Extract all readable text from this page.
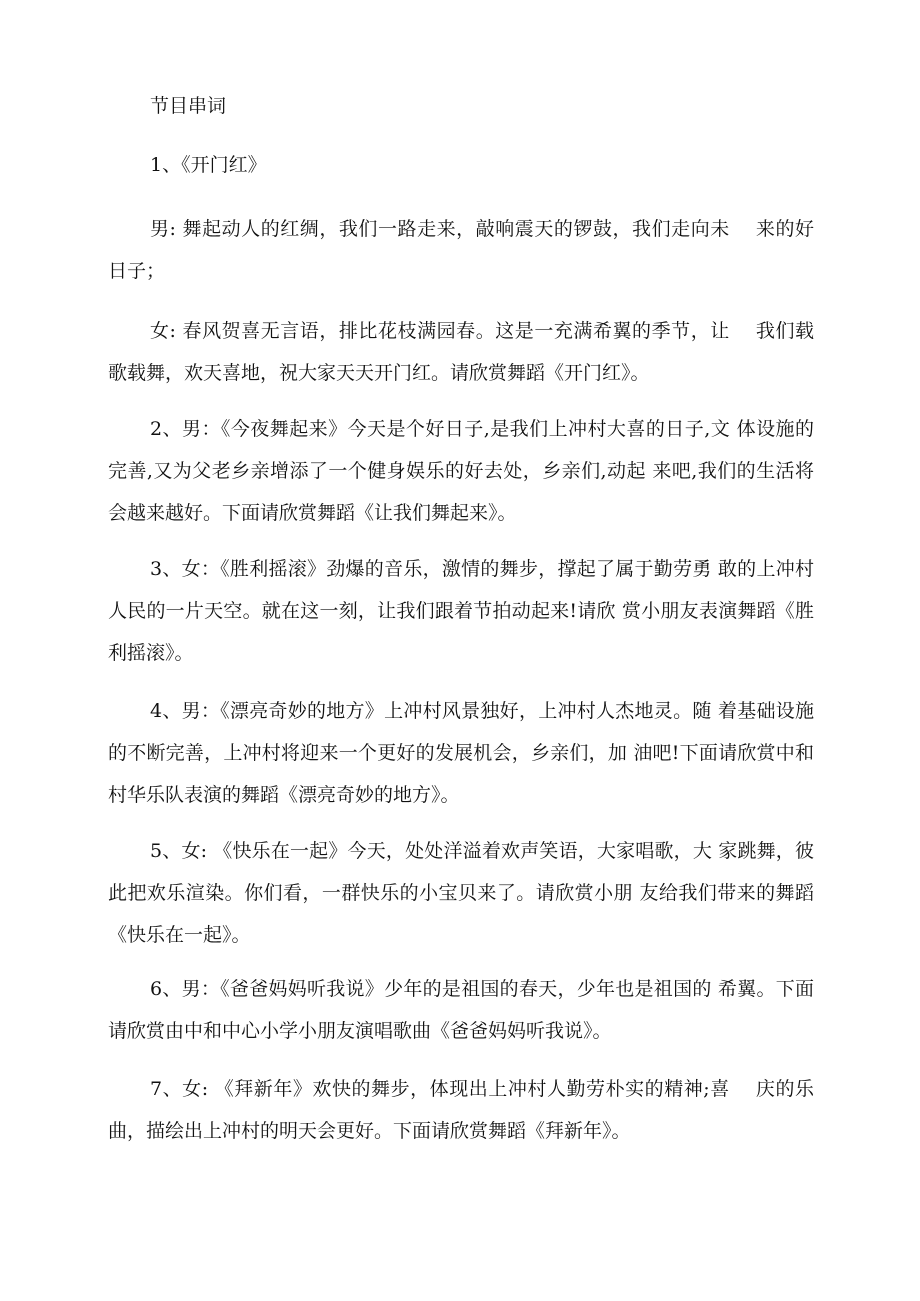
节目串词
1、《开门红》

男: 舞起动人的红绸，我们一路走来，敲响震天的锣鼓，我们走向未　 来的好日子；

女: 春风贺喜无言语，排比花枝满园春。这是一充满希翼的季节，让　 我们载歌载舞，欢天喜地，祝大家天天开门红。请欣赏舞蹈《开门红》。

2、男：《今夜舞起来》今天是个好日子,是我们上冲村大喜的日子,文 体设施的完善,又为父老乡亲增添了一个健身娱乐的好去处，乡亲们,动起 来吧,我们的生活将会越来越好。下面请欣赏舞蹈《让我们舞起来》。

3、女：《胜利摇滚》劲爆的音乐，激情的舞步，撑起了属于勤劳勇 敢的上冲村人民的一片天空。就在这一刻，让我们跟着节拍动起来!请欣 赏小朋友表演舞蹈《胜利摇滚》。

4、男：《漂亮奇妙的地方》上冲村风景独好，上冲村人杰地灵。随 着基础设施的不断完善，上冲村将迎来一个更好的发展机会，乡亲们，加 油吧!下面请欣赏中和村华乐队表演的舞蹈《漂亮奇妙的地方》。

5、女: 《快乐在一起》今天，处处洋溢着欢声笑语，大家唱歌，大 家跳舞，彼此把欢乐渲染。你们看，一群快乐的小宝贝来了。请欣赏小朋 友给我们带来的舞蹈《快乐在一起》。

6、男：《爸爸妈妈听我说》少年的是祖国的春天，少年也是祖国的 希翼。下面请欣赏由中和中心小学小朋友演唱歌曲《爸爸妈妈听我说》。

7、女: 《拜新年》欢快的舞步，体现出上冲村人勤劳朴实的精神;喜　 庆的乐曲，描绘出上冲村的明天会更好。下面请欣赏舞蹈《拜新年》。
